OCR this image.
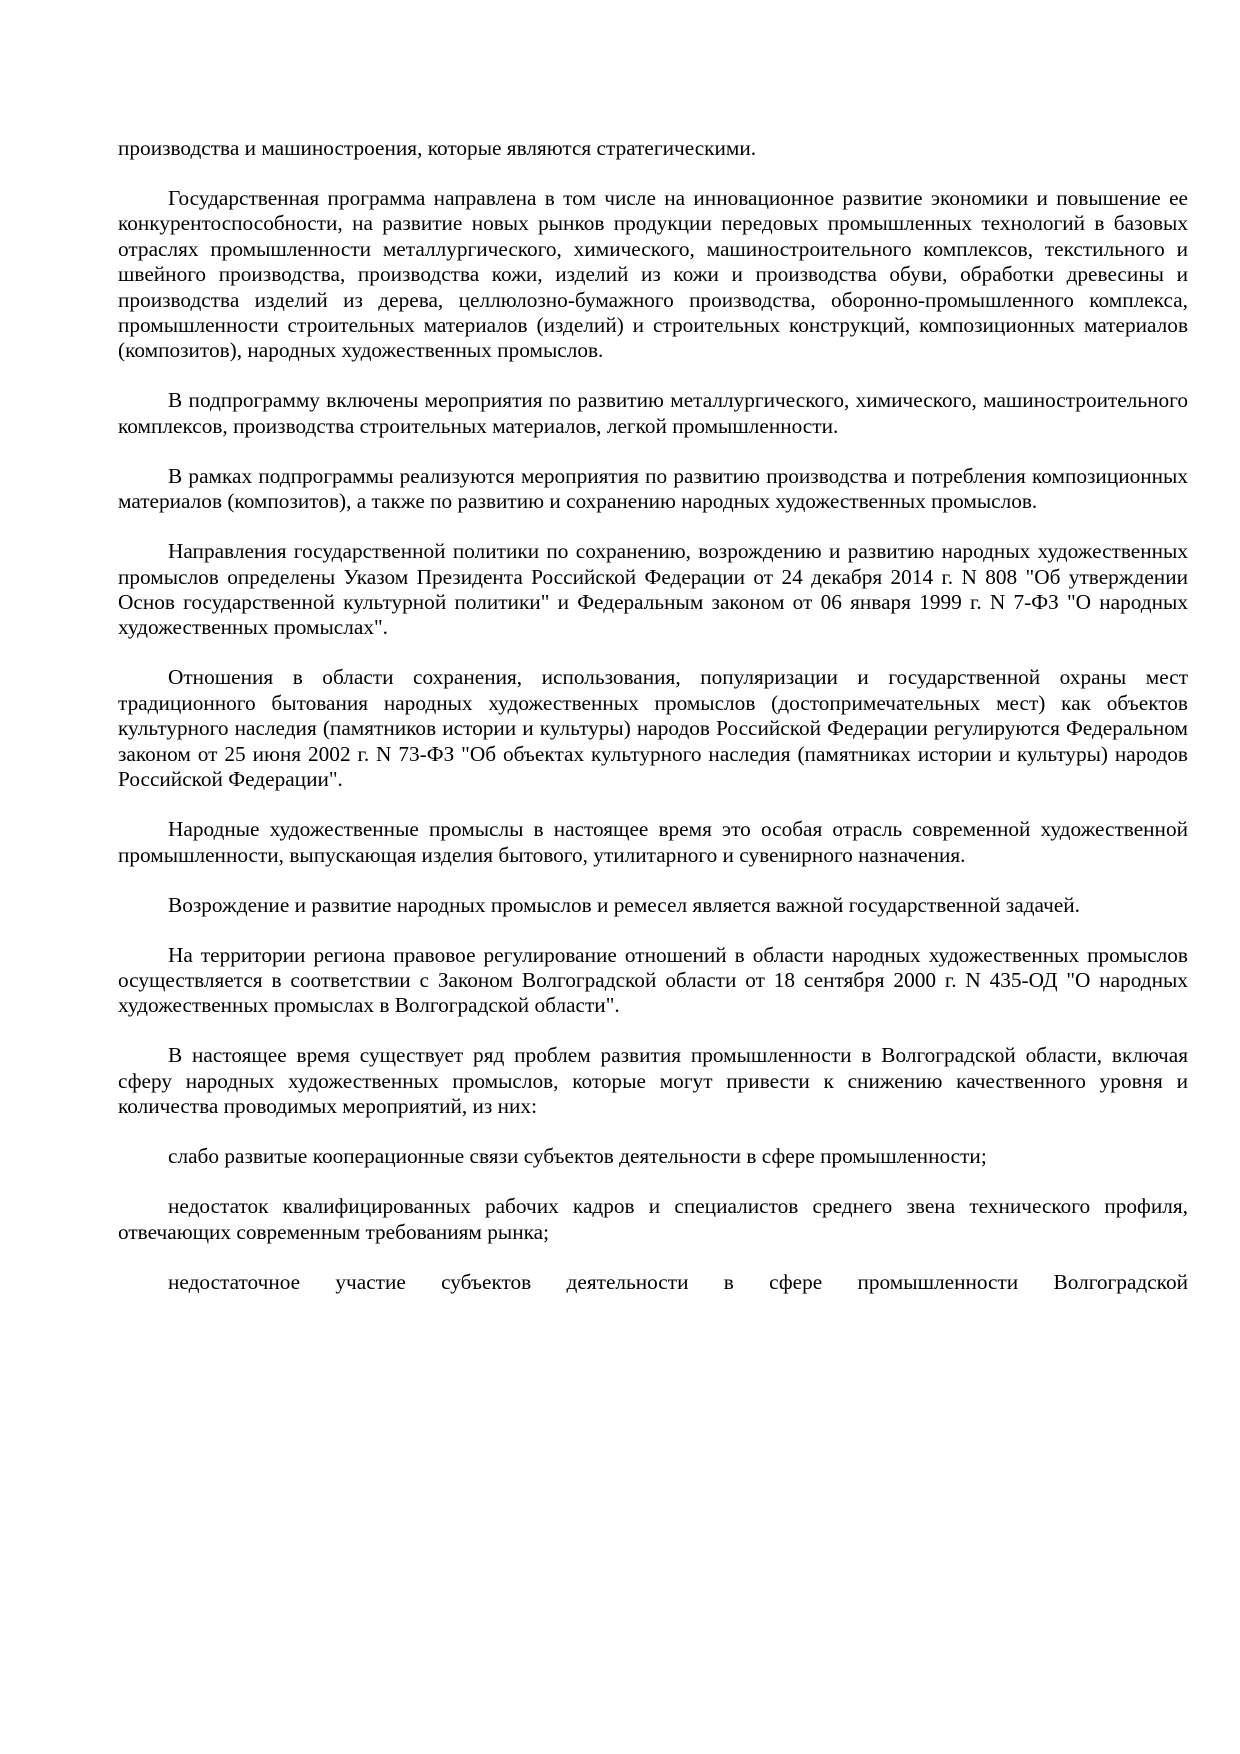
производства и машиностроения, которые являются стратегическими.

Государственная программа направлена в том числе на инновационное развитие экономики и повышение ее конкурентоспособности, на развитие новых рынков продукции передовых промышленных технологий в базовых отраслях промышленности металлургического, химического, машиностроительного комплексов, текстильного и швейного производства, производства кожи, изделий из кожи и производства обуви, обработки древесины и производства изделий из дерева, целлюлозно-бумажного производства, оборонно-промышленного комплекса, промышленности строительных материалов (изделий) и строительных конструкций, композиционных материалов (композитов), народных художественных промыслов.

В подпрограмму включены мероприятия по развитию металлургического, химического, машиностроительного комплексов, производства строительных материалов, легкой промышленности.

В рамках подпрограммы реализуются мероприятия по развитию производства и потребления композиционных материалов (композитов), а также по развитию и сохранению народных художественных промыслов.

Направления государственной политики по сохранению, возрождению и развитию народных художественных промыслов определены Указом Президента Российской Федерации от 24 декабря 2014 г. N 808 "Об утверждении Основ государственной культурной политики" и Федеральным законом от 06 января 1999 г. N 7-ФЗ "О народных художественных промыслах".

Отношения в области сохранения, использования, популяризации и государственной охраны мест традиционного бытования народных художественных промыслов (достопримечательных мест) как объектов культурного наследия (памятников истории и культуры) народов Российской Федерации регулируются Федеральном законом от 25 июня 2002 г. N 73-ФЗ "Об объектах культурного наследия (памятниках истории и культуры) народов Российской Федерации".

Народные художественные промыслы в настоящее время это особая отрасль современной художественной промышленности, выпускающая изделия бытового, утилитарного и сувенирного назначения.

Возрождение и развитие народных промыслов и ремесел является важной государственной задачей.

На территории региона правовое регулирование отношений в области народных художественных промыслов осуществляется в соответствии с Законом Волгоградской области от 18 сентября 2000 г. N 435-ОД "О народных художественных промыслах в Волгоградской области".

В настоящее время существует ряд проблем развития промышленности в Волгоградской области, включая сферу народных художественных промыслов, которые могут привести к снижению качественного уровня и количества проводимых мероприятий, из них:

слабо развитые кооперационные связи субъектов деятельности в сфере промышленности;

недостаток квалифицированных рабочих кадров и специалистов среднего звена технического профиля, отвечающих современным требованиям рынка;

недостаточное участие субъектов деятельности в сфере промышленности Волгоградской
